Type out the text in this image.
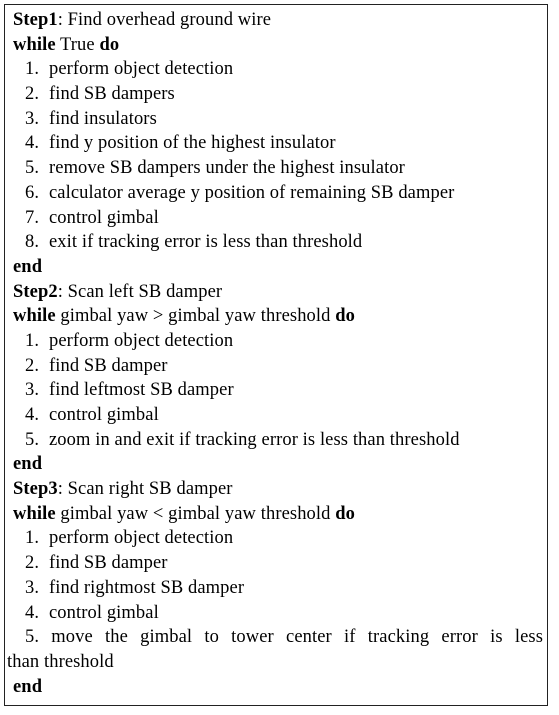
Step1: Find overhead ground wire
while True do
1. perform object detection
2. find SB dampers
3. find insulators
4. find y position of the highest insulator
5. remove SB dampers under the highest insulator
6. calculator average y position of remaining SB damper
7. control gimbal
8. exit if tracking error is less than threshold
end
Step2: Scan left SB damper
while gimbal yaw > gimbal yaw threshold do
1. perform object detection
2. find SB damper
3. find leftmost SB damper
4. control gimbal
5. zoom in and exit if tracking error is less than threshold
end
Step3: Scan right SB damper
while gimbal yaw < gimbal yaw threshold do
1. perform object detection
2. find SB damper
3. find rightmost SB damper
4. control gimbal
5. move the gimbal to tower center if tracking error is less
than threshold
end
